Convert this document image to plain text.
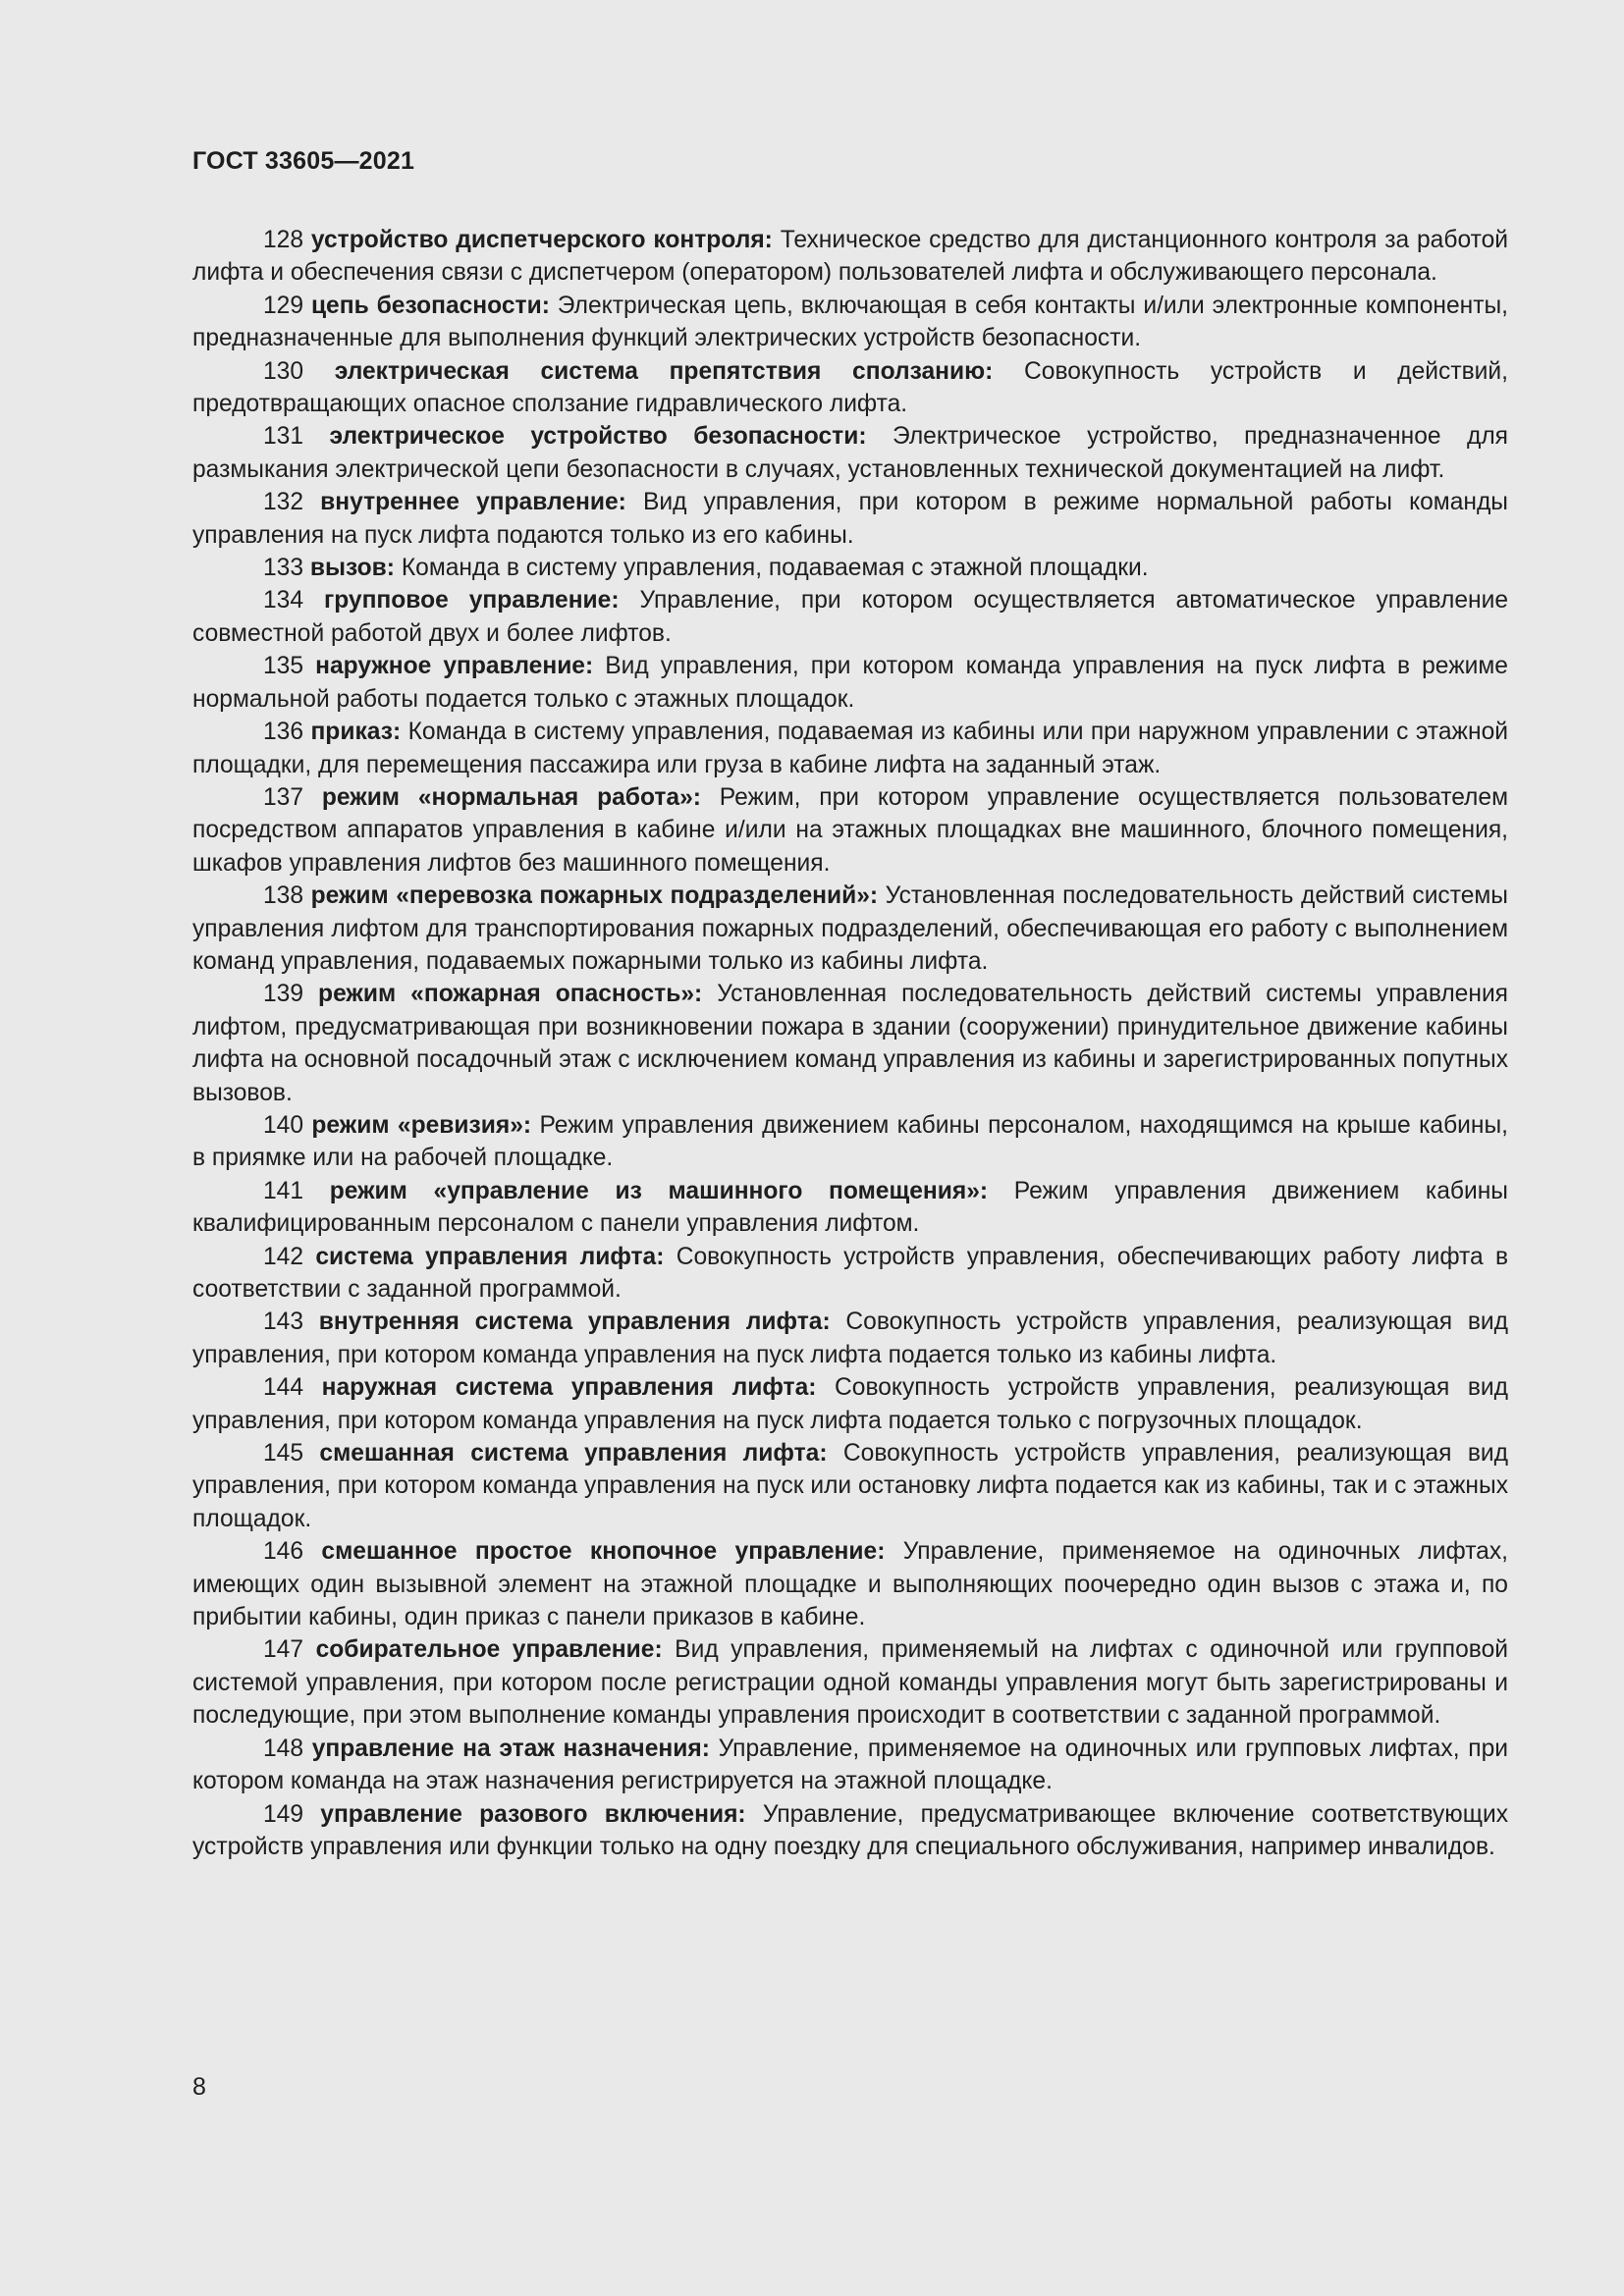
ГОСТ 33605—2021

128 устройство диспетчерского контроля: Техническое средство для дистанционного контроля за работой лифта и обеспечения связи с диспетчером (оператором) пользователей лифта и обслуживающего персонала.

129 цепь безопасности: Электрическая цепь, включающая в себя контакты и/или электронные компоненты, предназначенные для выполнения функций электрических устройств безопасности.

130 электрическая система препятствия сползанию: Совокупность устройств и действий, предотвращающих опасное сползание гидравлического лифта.

131 электрическое устройство безопасности: Электрическое устройство, предназначенное для размыкания электрической цепи безопасности в случаях, установленных технической документацией на лифт.

132 внутреннее управление: Вид управления, при котором в режиме нормальной работы команды управления на пуск лифта подаются только из его кабины.

133 вызов: Команда в систему управления, подаваемая с этажной площадки.

134 групповое управление: Управление, при котором осуществляется автоматическое управление совместной работой двух и более лифтов.

135 наружное управление: Вид управления, при котором команда управления на пуск лифта в режиме нормальной работы подается только с этажных площадок.

136 приказ: Команда в систему управления, подаваемая из кабины или при наружном управлении с этажной площадки, для перемещения пассажира или груза в кабине лифта на заданный этаж.

137 режим «нормальная работа»: Режим, при котором управление осуществляется пользователем посредством аппаратов управления в кабине и/или на этажных площадках вне машинного, блочного помещения, шкафов управления лифтов без машинного помещения.

138 режим «перевозка пожарных подразделений»: Установленная последовательность действий системы управления лифтом для транспортирования пожарных подразделений, обеспечивающая его работу с выполнением команд управления, подаваемых пожарными только из кабины лифта.

139 режим «пожарная опасность»: Установленная последовательность действий системы управления лифтом, предусматривающая при возникновении пожара в здании (сооружении) принудительное движение кабины лифта на основной посадочный этаж с исключением команд управления из кабины и зарегистрированных попутных вызовов.

140 режим «ревизия»: Режим управления движением кабины персоналом, находящимся на крыше кабины, в приямке или на рабочей площадке.

141 режим «управление из машинного помещения»: Режим управления движением кабины квалифицированным персоналом с панели управления лифтом.

142 система управления лифта: Совокупность устройств управления, обеспечивающих работу лифта в соответствии с заданной программой.

143 внутренняя система управления лифта: Совокупность устройств управления, реализующая вид управления, при котором команда управления на пуск лифта подается только из кабины лифта.

144 наружная система управления лифта: Совокупность устройств управления, реализующая вид управления, при котором команда управления на пуск лифта подается только с погрузочных площадок.

145 смешанная система управления лифта: Совокупность устройств управления, реализующая вид управления, при котором команда управления на пуск или остановку лифта подается как из кабины, так и с этажных площадок.

146 смешанное простое кнопочное управление: Управление, применяемое на одиночных лифтах, имеющих один вызывной элемент на этажной площадке и выполняющих поочередно один вызов с этажа и, по прибытии кабины, один приказ с панели приказов в кабине.

147 собирательное управление: Вид управления, применяемый на лифтах с одиночной или групповой системой управления, при котором после регистрации одной команды управления могут быть зарегистрированы и последующие, при этом выполнение команды управления происходит в соответствии с заданной программой.

148 управление на этаж назначения: Управление, применяемое на одиночных или групповых лифтах, при котором команда на этаж назначения регистрируется на этажной площадке.

149 управление разового включения: Управление, предусматривающее включение соответствующих устройств управления или функции только на одну поездку для специального обслуживания, например инвалидов.

8
